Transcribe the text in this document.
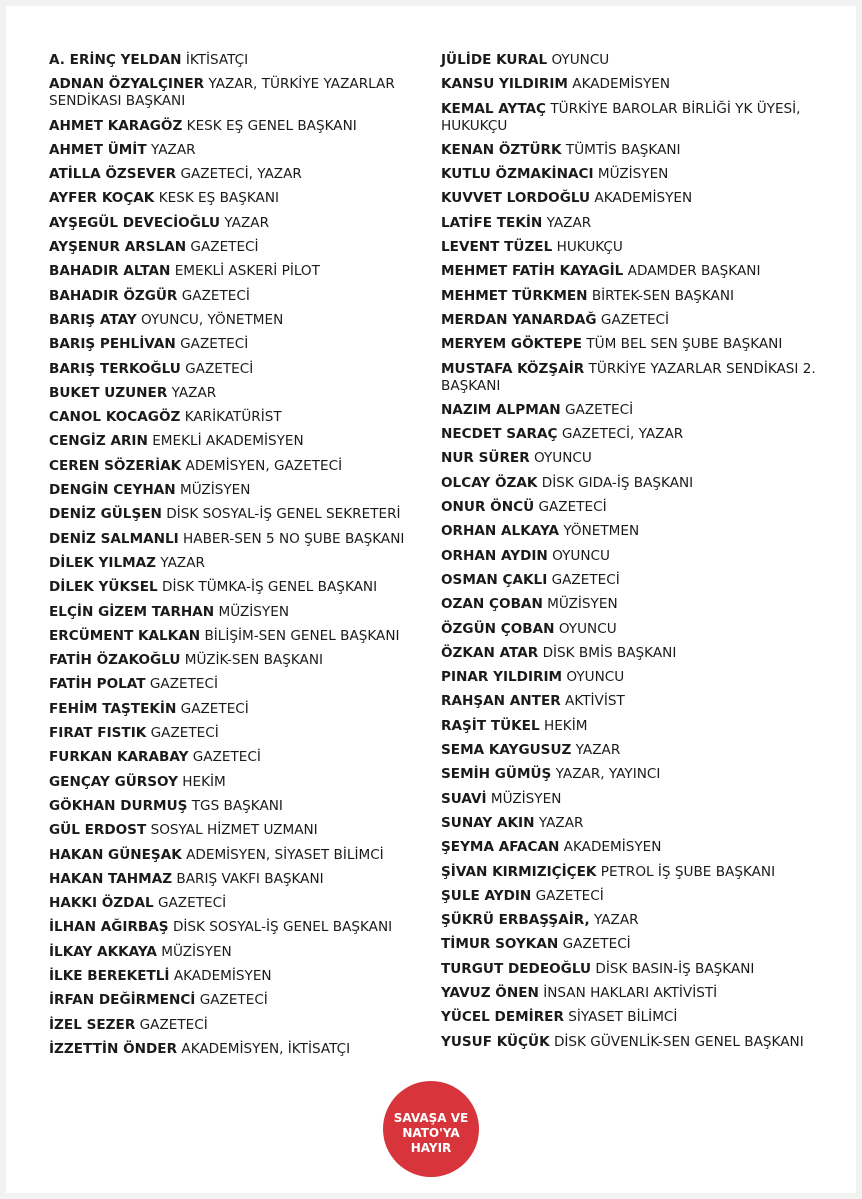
A. ERİNÇ YELDAN İKTİSATÇI
ADNAN ÖZYALÇINER YAZAR, TÜRKİYE YAZARLAR SENDİKASI BAŞKANI
AHMET KARAGÖZ KESK EŞ GENEL BAŞKANI
AHMET ÜMİT YAZAR
ATİLLA ÖZSEVER GAZETECİ, YAZAR
AYFER KOÇAK KESK EŞ BAŞKANI
AYŞEGÜL DEVECİOĞLU YAZAR
AYŞENUR ARSLAN GAZETECİ
BAHADIR ALTAN EMEKLİ ASKERİ PİLOT
BAHADIR ÖZGÜR GAZETECİ
BARIŞ ATAY OYUNCU, YÖNETMEN
BARIŞ PEHLİVAN GAZETECİ
BARIŞ TERKOĞLU GAZETECİ
BUKET UZUNER YAZAR
CANOL KOCAGÖZ KARİKATÜRİST
CENGİZ ARIN EMEKLİ AKADEMİSYEN
CEREN SÖZERİAK ADEMİSYEN, GAZETECİ
DENGİN CEYHAN MÜZİSYEN
DENİZ GÜLŞEN DİSK SOSYAL-İŞ GENEL SEKRETERİ
DENİZ SALMANLI HABER-SEN 5 NO ŞUBE BAŞKANI
DİLEK YILMAZ YAZAR
DİLEK YÜKSEL DİSK TÜMKA-İŞ GENEL BAŞKANI
ELÇİN GİZEM TARHAN MÜZİSYEN
ERCÜMENT KALKAN BİLİŞİM-SEN GENEL BAŞKANI
FATİH ÖZAKOĞLU MÜZİK-SEN BAŞKANI
FATİH POLAT GAZETECİ
FEHİM TAŞTEKİN GAZETECİ
FIRAT FISTIK GAZETECİ
FURKAN KARABAY GAZETECİ
GENÇAY GÜRSOY HEKİM
GÖKHAN DURMUŞ TGS BAŞKANI
GÜL ERDOST SOSYAL HİZMET UZMANI
HAKAN GÜNEŞAK ADEMİSYEN, SİYASET BİLİMCİ
HAKAN TAHMAZ BARIŞ VAKFI BAŞKANI
HAKKI ÖZDAL GAZETECİ
İLHAN AĞIRBAŞ DİSK SOSYAL-İŞ GENEL BAŞKANI
İLKAY AKKAYA MÜZİSYEN
İLKE BEREKETLİ AKADEMİSYEN
İRFAN DEĞİRMENCİ GAZETECİ
İZEL SEZER GAZETECİ
İZZETTİN ÖNDER AKADEMİSYEN, İKTİSATÇI
JÜLİDE KURAL OYUNCU
KANSU YILDIRIM AKADEMİSYEN
KEMAL AYTAÇ TÜRKİYE BAROLAR BİRLİĞİ YK ÜYESİ, HUKUKÇU
KENAN ÖZTÜRK TÜMTİS BAŞKANI
KUTLU ÖZMAKİNACI MÜZİSYEN
KUVVET LORDOĞLU AKADEMİSYEN
LATİFE TEKİN YAZAR
LEVENT TÜZEL HUKUKÇU
MEHMET FATİH KAYAGİL ADAMDER BAŞKANI
MEHMET TÜRKMEN BİRTEK-SEN BAŞKANI
MERDAN YANARDAĞ GAZETECİ
MERYEM GÖKTEPE TÜM BEL SEN ŞUBE BAŞKANI
MUSTAFA KÖZŞAİR TÜRKİYE YAZARLAR SENDİKASI 2. BAŞKANI
NAZIM ALPMAN GAZETECİ
NECDET SARAÇ GAZETECİ, YAZAR
NUR SÜRER OYUNCU
OLCAY ÖZAK DİSK GIDA-İŞ BAŞKANI
ONUR ÖNCÜ GAZETECİ
ORHAN ALKAYA YÖNETMEN
ORHAN AYDIN OYUNCU
OSMAN ÇAKLI GAZETECİ
OZAN ÇOBAN MÜZİSYEN
ÖZGÜN ÇOBAN OYUNCU
ÖZKAN ATAR DİSK BMİS BAŞKANI
PINAR YILDIRIM OYUNCU
RAHŞAN ANTER AKTİVİST
RAŞİT TÜKEL HEKİM
SEMA KAYGUSUZ YAZAR
SEMİH GÜMÜŞ YAZAR, YAYINCI
SUAVİ MÜZİSYEN
SUNAY AKIN YAZAR
ŞEYMA AFACAN AKADEMİSYEN
ŞİVAN KIRMIZIÇİÇEK PETROL İŞ ŞUBE BAŞKANI
ŞULE AYDIN GAZETECİ
ŞÜKRÜ ERBAŞŞAİR, YAZAR
TİMUR SOYKAN GAZETECİ
TURGUT DEDEOĞLU DİSK BASIN-İŞ BAŞKANI
YAVUZ ÖNEN İNSAN HAKLARI AKTİVİSTİ
YÜCEL DEMİRER SİYASET BİLİMCİ
YUSUF KÜÇÜK DİSK GÜVENLİK-SEN GENEL BAŞKANI
SAVAŞA VE
NATO'YA
HAYIR
